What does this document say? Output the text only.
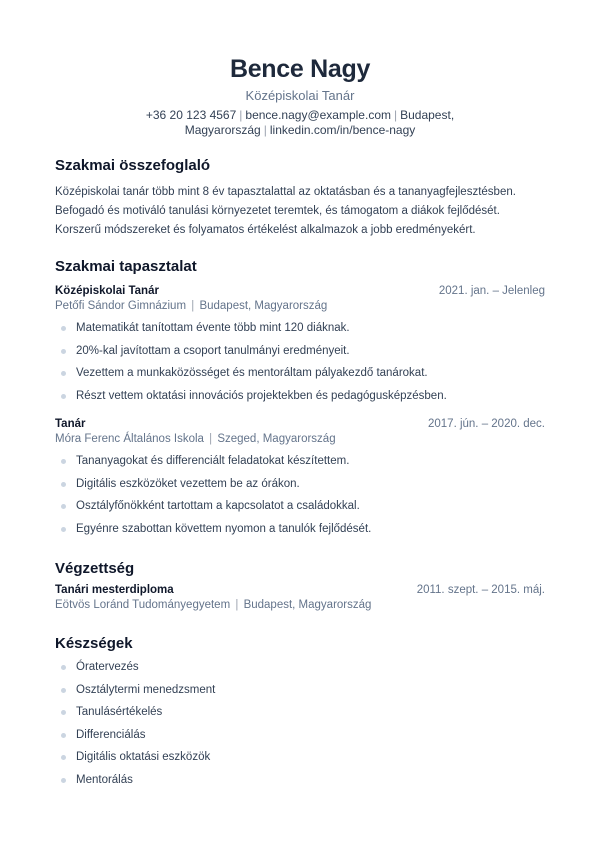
Bence Nagy
Középiskolai Tanár
+36 20 123 4567 | bence.nagy@example.com | Budapest, Magyarország | linkedin.com/in/bence-nagy
Szakmai összefoglaló
Középiskolai tanár több mint 8 év tapasztalattal az oktatásban és a tananyagfejlesztésben.
Befogadó és motiváló tanulási környezetet teremtek, és támogatom a diákok fejlődését.
Korszerű módszereket és folyamatos értékelést alkalmazok a jobb eredményekért.
Szakmai tapasztalat
Középiskolai Tanár	2021. jan. – Jelenleg
Petőfi Sándor Gimnázium | Budapest, Magyarország
Matematikát tanítottam évente több mint 120 diáknak.
20%-kal javítottam a csoport tanulmányi eredményeit.
Vezettem a munkaközösséget és mentoráltam pályakezdő tanárokat.
Részt vettem oktatási innovációs projektekben és pedagógusképzésben.
Tanár	2017. jún. – 2020. dec.
Móra Ferenc Általános Iskola | Szeged, Magyarország
Tananyagokat és differenciált feladatokat készítettem.
Digitális eszközöket vezettem be az órákon.
Osztályfőnökként tartottam a kapcsolatot a családokkal.
Egyénre szabottan követtem nyomon a tanulók fejlődését.
Végzettség
Tanári mesterdiploma	2011. szept. – 2015. máj.
Eötvös Loránd Tudományegyetem | Budapest, Magyarország
Készségek
Óratervezés
Osztálytermi menedzsment
Tanulásértékelés
Differenciálás
Digitális oktatási eszközök
Mentorálás
